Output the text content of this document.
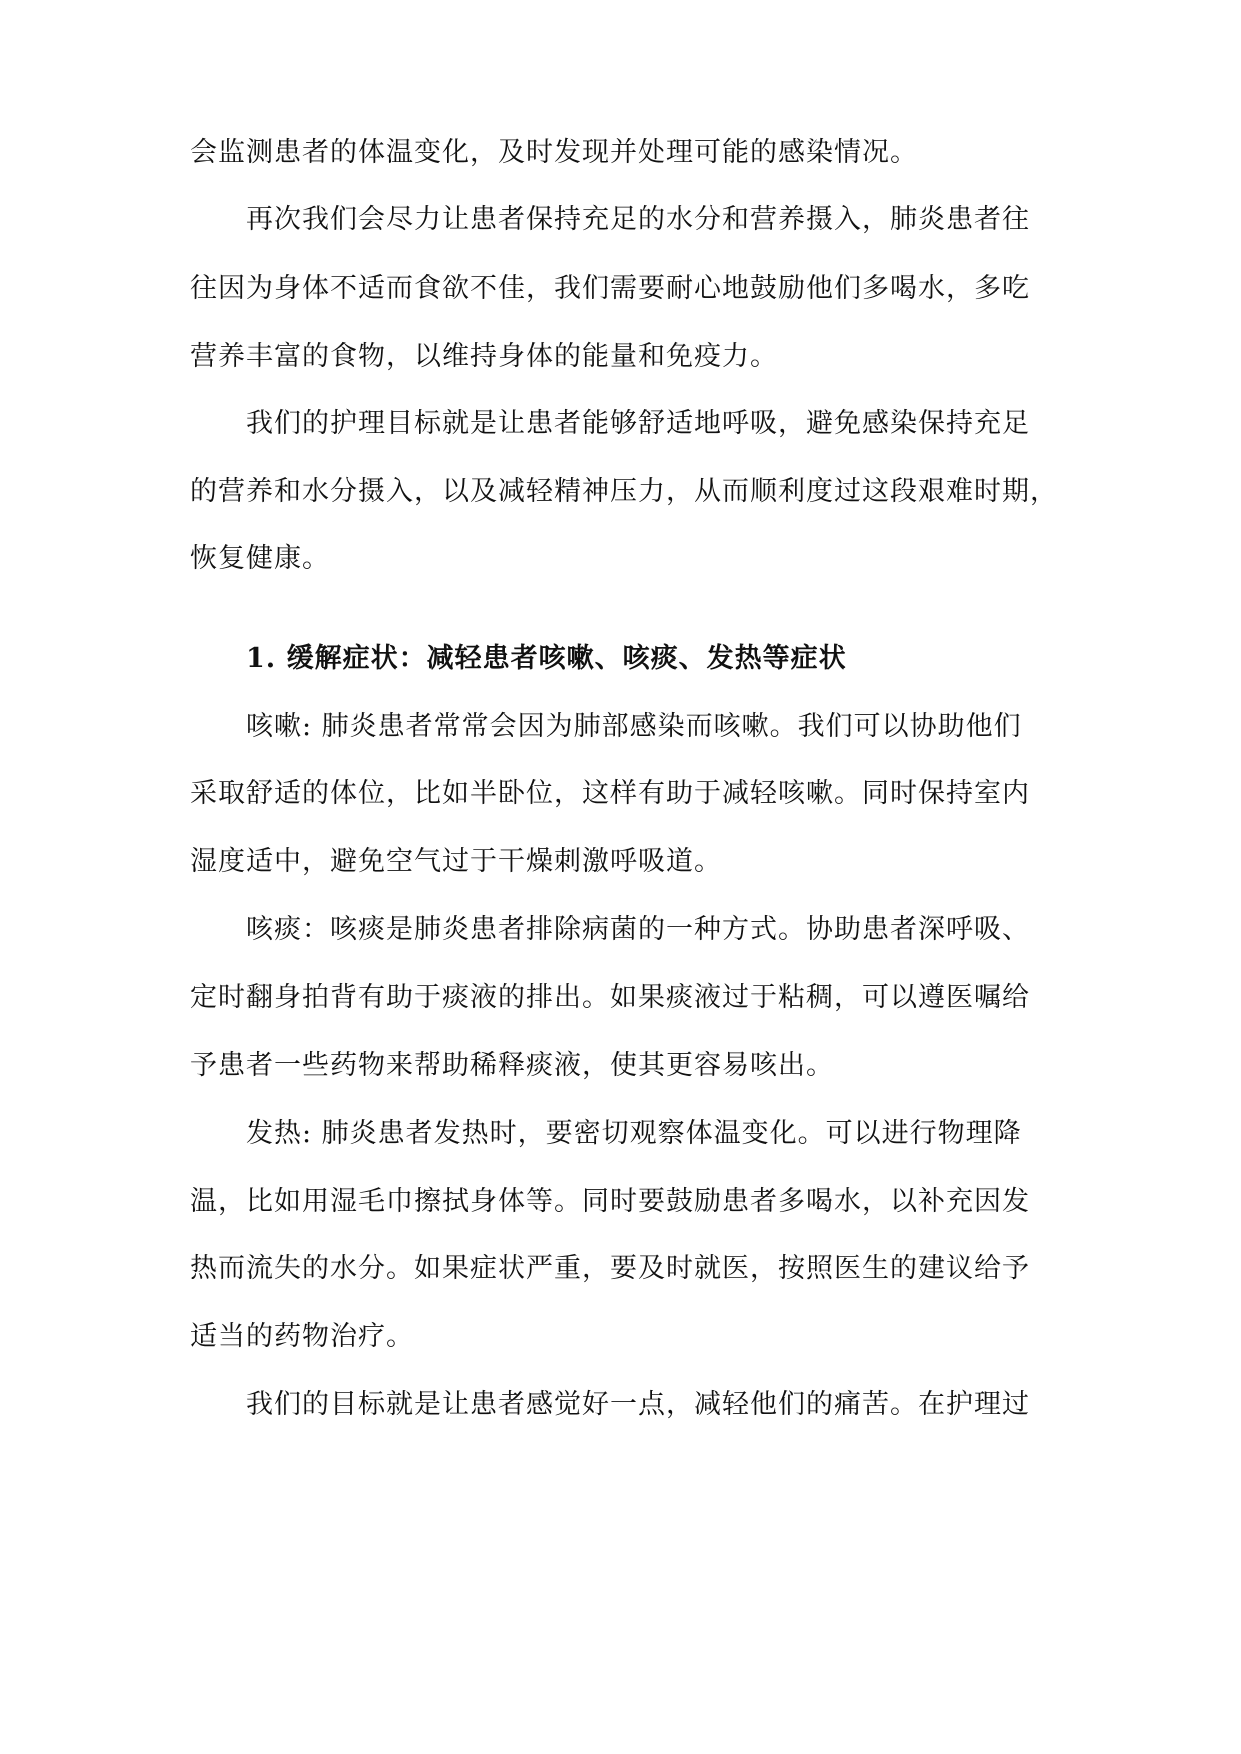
会监测患者的体温变化，及时发现并处理可能的感染情况。
再次我们会尽力让患者保持充足的水分和营养摄入，肺炎患者往
往因为身体不适而食欲不佳，我们需要耐心地鼓励他们多喝水，多吃
营养丰富的食物，以维持身体的能量和免疫力。
我们的护理目标就是让患者能够舒适地呼吸，避免感染保持充足
的营养和水分摄入，以及减轻精神压力，从而顺利度过这段艰难时期，
恢复健康。
1. 缓解症状：减轻患者咳嗽、咳痰、发热等症状
咳嗽: 肺炎患者常常会因为肺部感染而咳嗽。我们可以协助他们
采取舒适的体位，比如半卧位，这样有助于减轻咳嗽。同时保持室内
湿度适中，避免空气过于干燥刺激呼吸道。
咳痰：咳痰是肺炎患者排除病菌的一种方式。协助患者深呼吸、
定时翻身拍背有助于痰液的排出。如果痰液过于粘稠，可以遵医嘱给
予患者一些药物来帮助稀释痰液，使其更容易咳出。
发热: 肺炎患者发热时，要密切观察体温变化。可以进行物理降
温，比如用湿毛巾擦拭身体等。同时要鼓励患者多喝水，以补充因发
热而流失的水分。如果症状严重，要及时就医，按照医生的建议给予
适当的药物治疗。
我们的目标就是让患者感觉好一点，减轻他们的痛苦。在护理过
